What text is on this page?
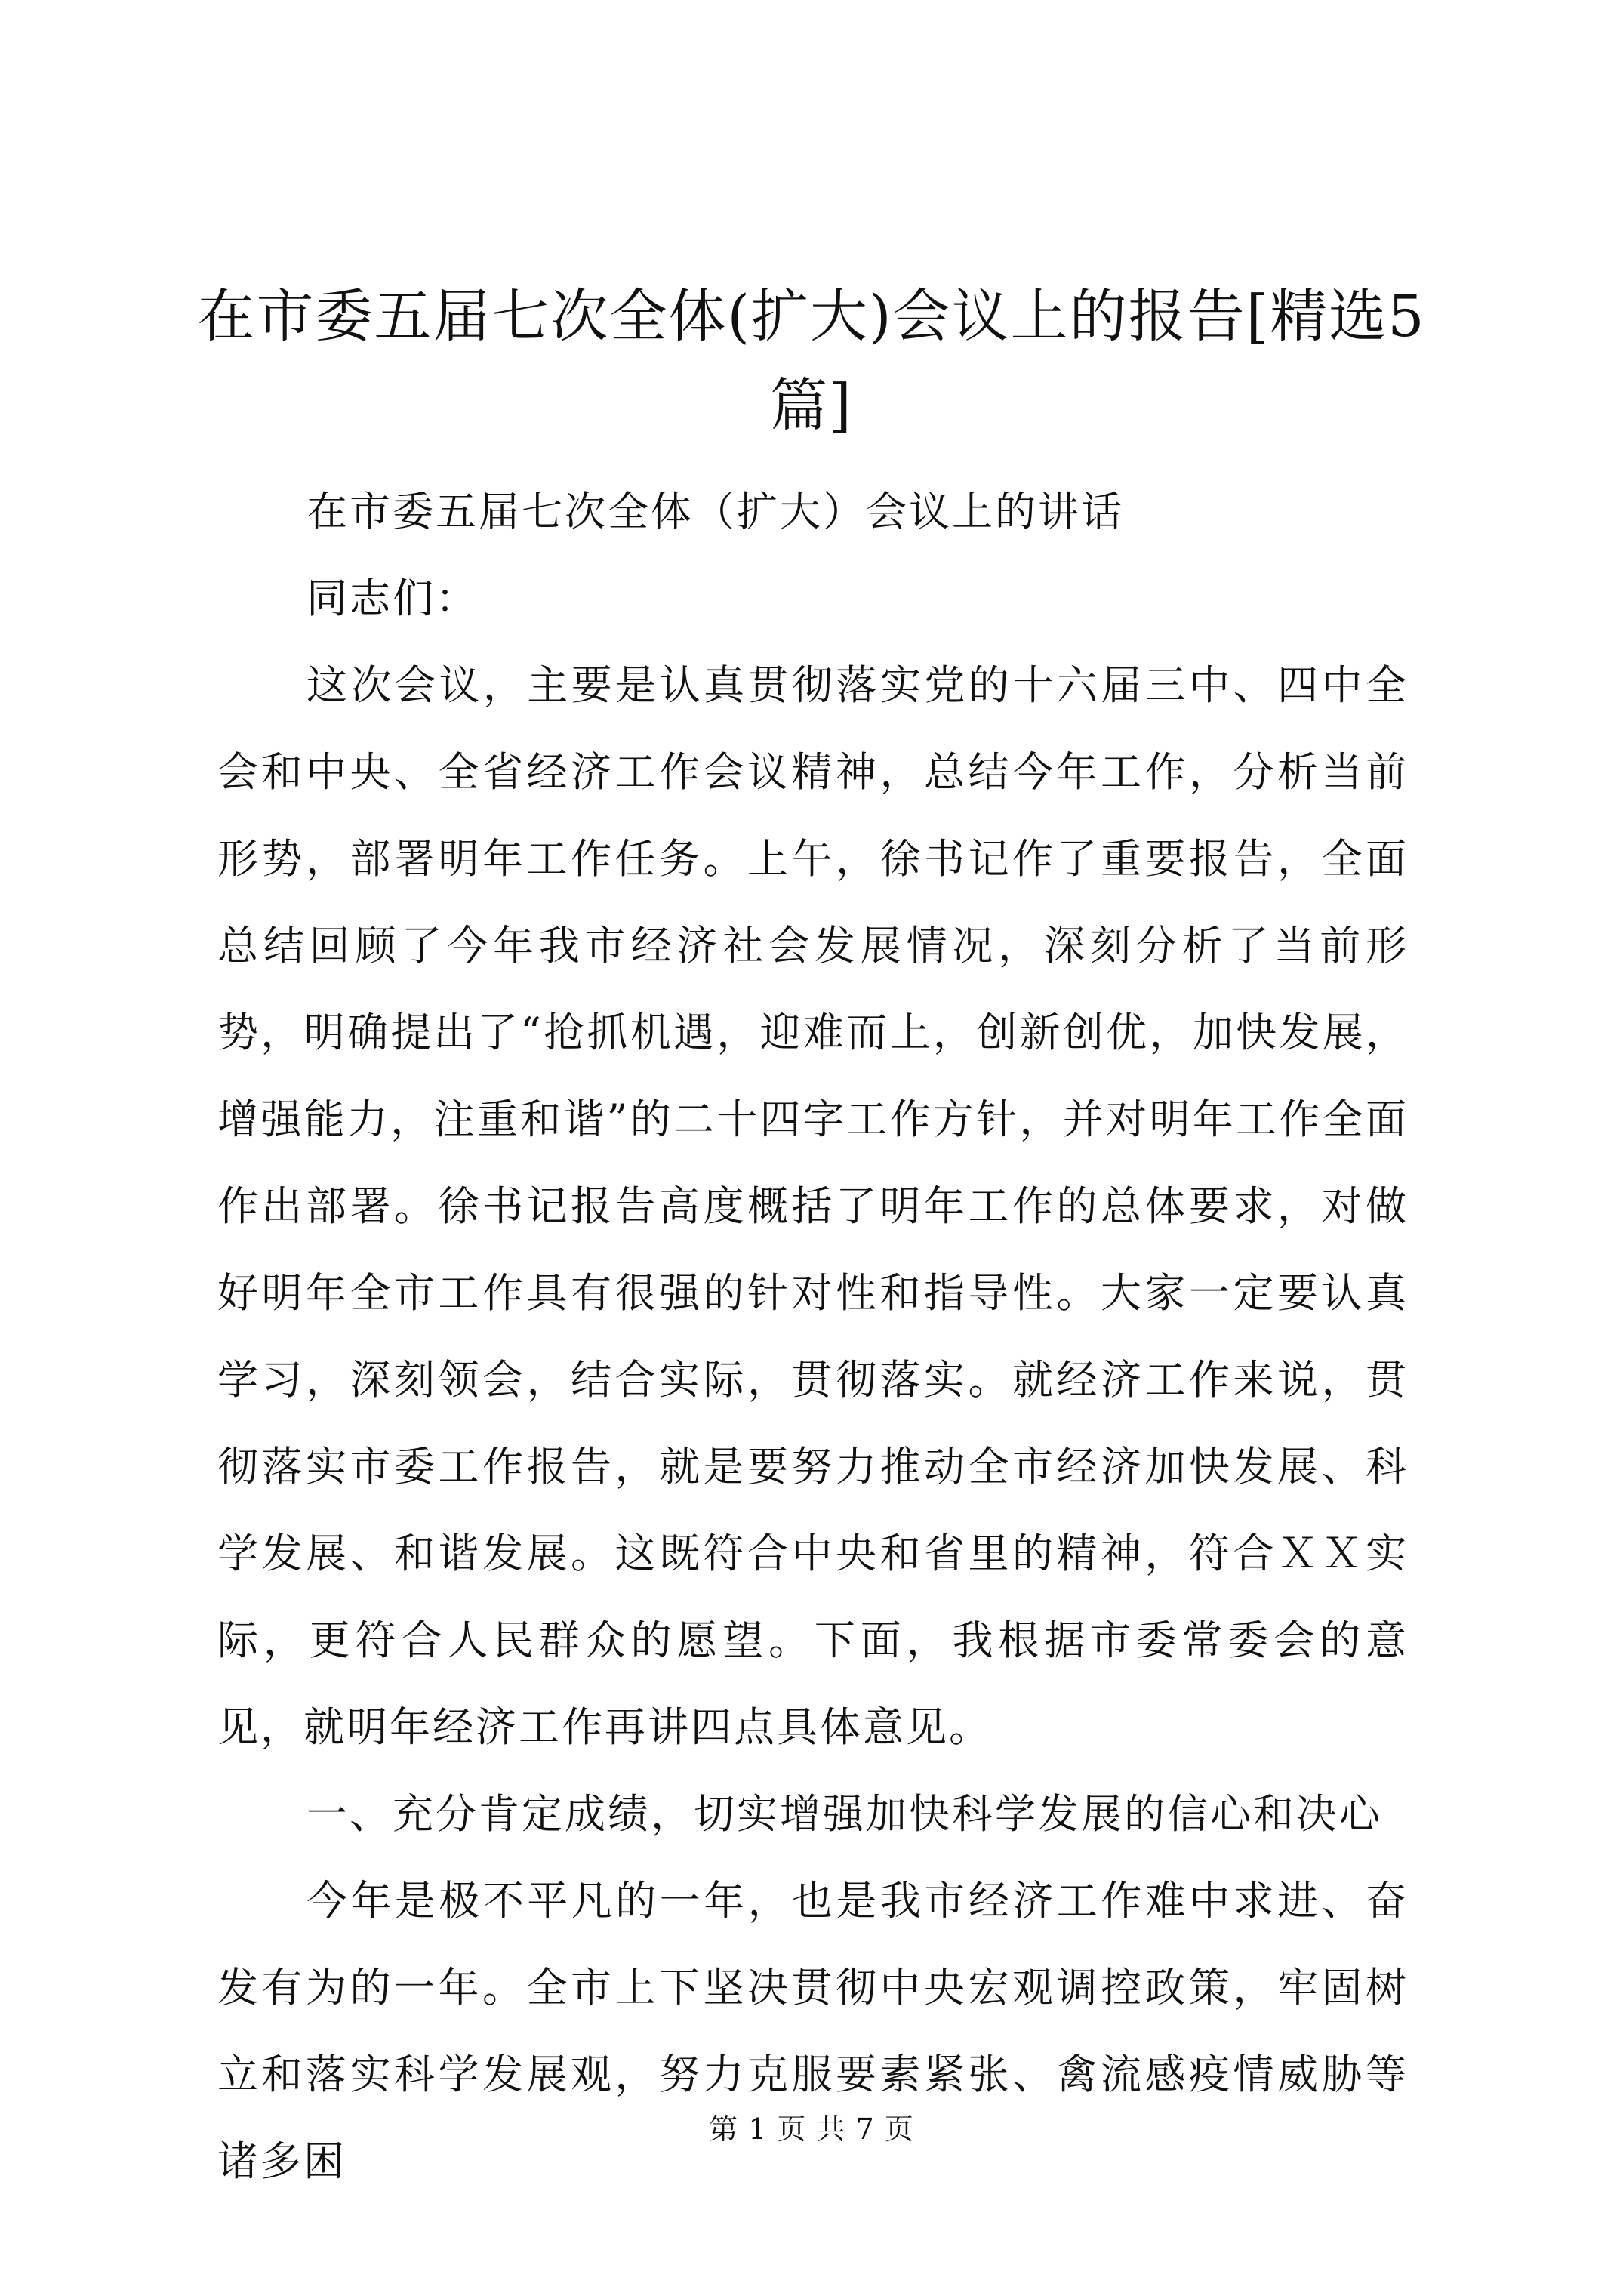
在市委五届七次全体(扩大)会议上的报告[精选5篇]

在市委五届七次全体（扩大）会议上的讲话

同志们：

这次会议，主要是认真贯彻落实党的十六届三中、四中全会和中央、全省经济工作会议精神，总结今年工作，分析当前形势，部署明年工作任务。上午，徐书记作了重要报告，全面总结回顾了今年我市经济社会发展情况，深刻分析了当前形势，明确提出了“抢抓机遇，迎难而上，创新创优，加快发展，增强能力，注重和谐”的二十四字工作方针，并对明年工作全面作出部署。徐书记报告高度概括了明年工作的总体要求，对做好明年全市工作具有很强的针对性和指导性。大家一定要认真学习，深刻领会，结合实际，贯彻落实。就经济工作来说，贯彻落实市委工作报告，就是要努力推动全市经济加快发展、科学发展、和谐发展。这既符合中央和省里的精神，符合ＸＸ实际，更符合人民群众的愿望。下面，我根据市委常委会的意见，就明年经济工作再讲四点具体意见。

一、充分肯定成绩，切实增强加快科学发展的信心和决心

今年是极不平凡的一年，也是我市经济工作难中求进、奋发有为的一年。全市上下坚决贯彻中央宏观调控政策，牢固树立和落实科学发展观，努力克服要素紧张、禽流感疫情威胁等诸多困

第 1 页 共 7 页
